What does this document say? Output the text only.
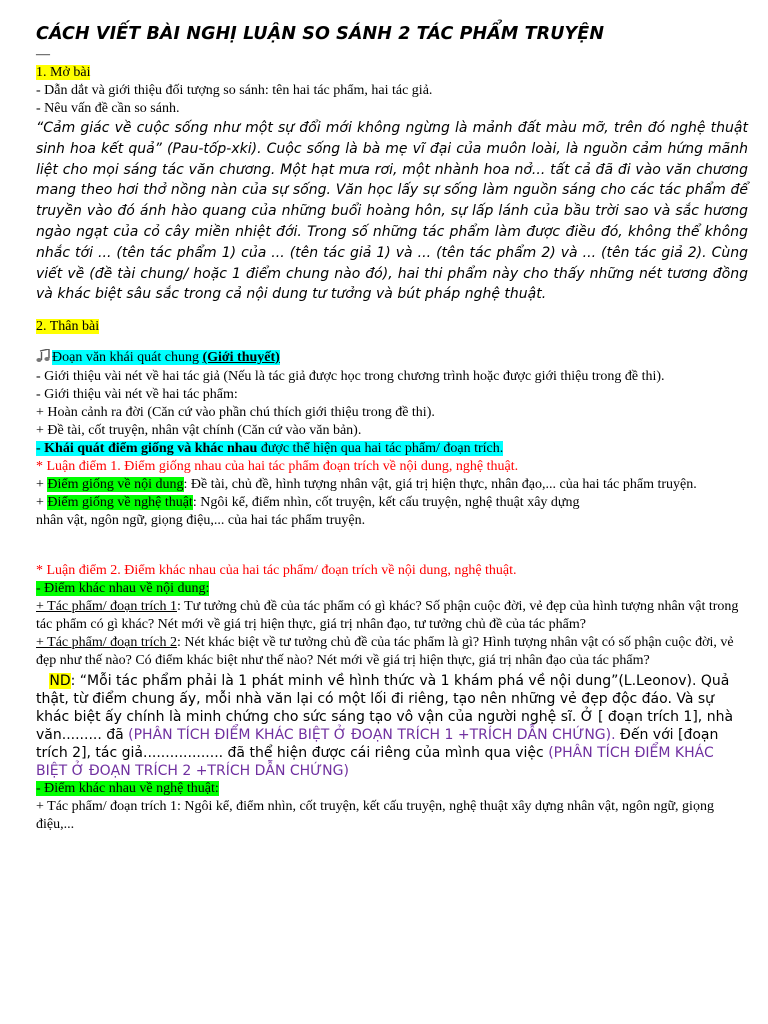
CÁCH VIẾT BÀI NGHỊ LUẬN SO SÁNH 2 TÁC PHẨM TRUYỆN

—

1. Mở bài

- Dẫn dắt và giới thiệu đối tượng so sánh: tên hai tác phẩm, hai tác giả.

- Nêu vấn đề cần so sánh.

“Cảm giác về cuộc sống như một sự đổi mới không ngừng là mảnh đất màu mỡ, trên đó nghệ thuật sinh hoa kết quả” (Pau-tốp-xki). Cuộc sống là bà mẹ vĩ đại của muôn loài, là nguồn cảm hứng mãnh liệt cho mọi sáng tác văn chương. Một hạt mưa rơi, một nhành hoa nở... tất cả đã đi vào văn chương mang theo hơi thở nồng nàn của sự sống. Văn học lấy sự sống làm nguồn sáng cho các tác phẩm để truyền vào đó ánh hào quang của những buổi hoàng hôn, sự lấp lánh của bầu trời sao và sắc hương ngào ngạt của cỏ cây miền nhiệt đới. Trong số những tác phẩm làm được điều đó, không thể không nhắc tới ... (tên tác phẩm 1) của ... (tên tác giả 1) và ... (tên tác phẩm 2) và ... (tên tác giả 2). Cùng viết về (đề tài chung/ hoặc 1 điểm chung nào đó), hai thi phẩm này cho thấy những nét tương đồng và khác biệt sâu sắc trong cả nội dung tư tưởng và bút pháp nghệ thuật.

2. Thân bài

Đoạn văn khái quát chung (Giới thuyết)

- Giới thiệu vài nét về hai tác giả (Nếu là tác giả được học trong chương trình hoặc được giới thiệu trong đề thi).

- Giới thiệu vài nét về hai tác phẩm:

+ Hoàn cảnh ra đời (Căn cứ vào phần chú thích giới thiệu trong đề thi).

+ Đề tài, cốt truyện, nhân vật chính (Căn cứ vào văn bản).

- Khái quát điểm giống và khác nhau được thể hiện qua hai tác phẩm/ đoạn trích.

* Luận điểm 1. Điểm giống nhau của hai tác phẩm đoạn trích về nội dung, nghệ thuật.

+ Điểm giống về nội dung: Đề tài, chủ đề, hình tượng nhân vật, giá trị hiện thực, nhân đạo,... của hai tác phẩm truyện.

+ Điểm giống về nghệ thuật: Ngôi kể, điểm nhìn, cốt truyện, kết cấu truyện, nghệ thuật xây dựng

nhân vật, ngôn ngữ, giọng điệu,... của hai tác phẩm truyện.

* Luận điểm 2. Điểm khác nhau của hai tác phẩm/ đoạn trích về nội dung, nghệ thuật.

- Điểm khác nhau về nội dung:

+ Tác phẩm/ đoạn trích 1: Tư tưởng chủ đề của tác phẩm có gì khác? Số phận cuộc đời, vẻ đẹp của hình tượng nhân vật trong tác phẩm có gì khác? Nét mới về giá trị hiện thực, giá trị nhân đạo, tư tưởng chủ đề của tác phẩm?

+ Tác phẩm/ đoạn trích 2: Nét khác biệt về tư tưởng chủ đề của tác phẩm là gì? Hình tượng nhân vật có số phận cuộc đời, vẻ đẹp như thế nào? Có điểm khác biệt như thế nào? Nét mới về giá trị hiện thực, giá trị nhân đạo của tác phẩm?

ND: “Mỗi tác phẩm phải là 1 phát minh về hình thức và 1 khám phá về nội dung”(L.Leonov). Quả thật, từ điểm chung ấy, mỗi nhà văn lại có một lối đi riêng, tạo nên những vẻ đẹp độc đáo. Và sự khác biệt ấy chính là minh chứng cho sức sáng tạo vô vận của người nghệ sĩ. Ở [ đoạn trích 1], nhà văn......... đã (PHÂN TÍCH ĐIỂM KHÁC BIỆT Ở ĐOẠN TRÍCH 1 +TRÍCH DẪN CHỨNG). Đến với [đoạn trích 2], tác giả.................. đã thể hiện được cái riêng của mình qua việc (PHÂN TÍCH ĐIỂM KHÁC BIỆT Ở ĐOẠN TRÍCH 2 +TRÍCH DẪN CHỨNG)

- Điểm khác nhau về nghệ thuật:

+ Tác phẩm/ đoạn trích 1: Ngôi kể, điểm nhìn, cốt truyện, kết cấu truyện, nghệ thuật xây dựng nhân vật, ngôn ngữ, giọng điệu,...
